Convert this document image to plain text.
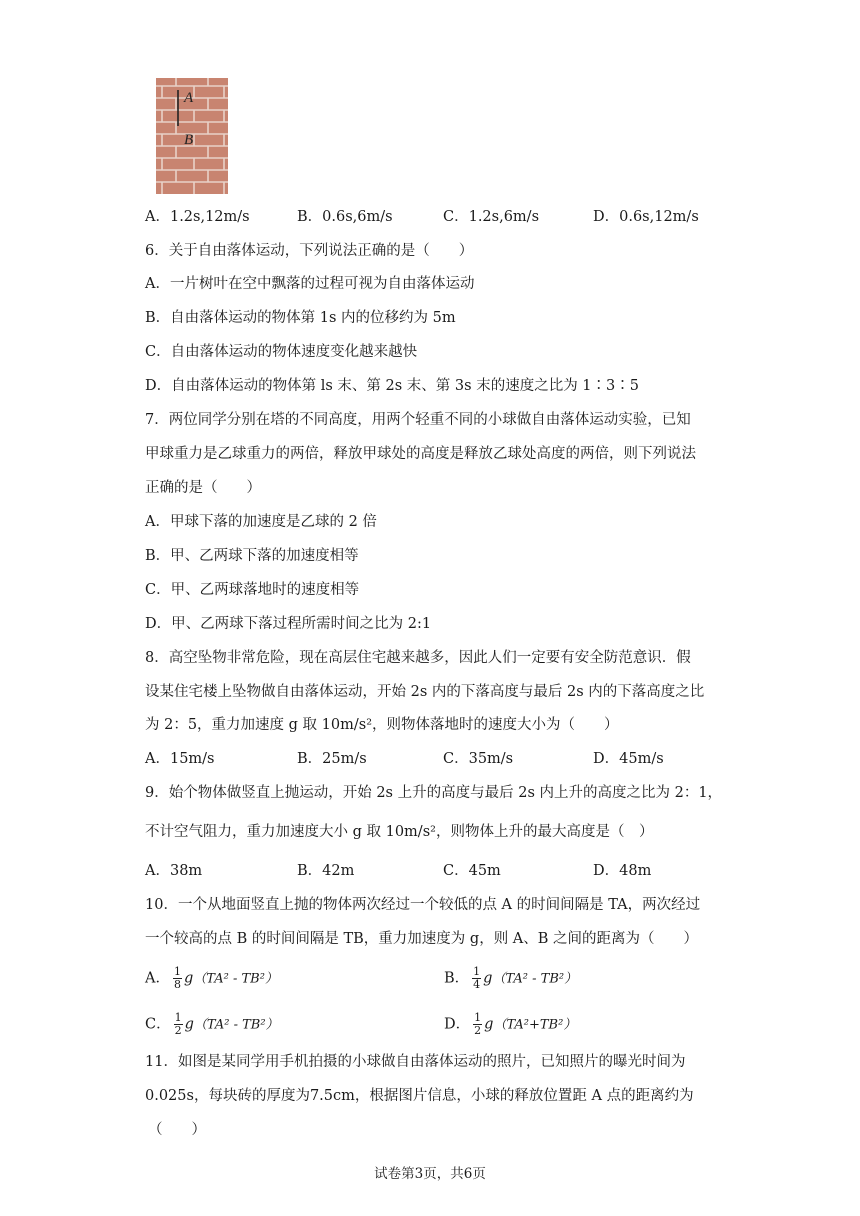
A
B
A．1.2s,12m/s	B．0.6s,6m/s	C．1.2s,6m/s	D．0.6s,12m/s
6．关于自由落体运动，下列说法正确的是（　　）
A．一片树叶在空中飘落的过程可视为自由落体运动
B．自由落体运动的物体第 1s 内的位移约为 5m
C．自由落体运动的物体速度变化越来越快
D．自由落体运动的物体第 ls 末、第 2s 末、第 3s 末的速度之比为 1∶3∶5
7．两位同学分别在塔的不同高度，用两个轻重不同的小球做自由落体运动实验，已知
甲球重力是乙球重力的两倍，释放甲球处的高度是释放乙球处高度的两倍，则下列说法
正确的是（　　）
A．甲球下落的加速度是乙球的 2 倍
B．甲、乙两球下落的加速度相等
C．甲、乙两球落地时的速度相等
D．甲、乙两球下落过程所需时间之比为 2:1
8．高空坠物非常危险，现在高层住宅越来越多，因此人们一定要有安全防范意识．假
设某住宅楼上坠物做自由落体运动，开始 2s 内的下落高度与最后 2s 内的下落高度之比
为 2：5，重力加速度 g 取 10m/s²，则物体落地时的速度大小为（　　）
A．15m/s	B．25m/s	C．35m/s	D．45m/s
9．始个物体做竖直上抛运动，开始 2s 上升的高度与最后 2s 内上升的高度之比为 2：1，
不计空气阻力，重力加速度大小 g 取 10m/s²，则物体上升的最大高度是（　）
A．38m	B．42m	C．45m	D．48m
10．一个从地面竖直上抛的物体两次经过一个较低的点 A 的时间间隔是 TA，两次经过
一个较高的点 B 的时间间隔是 TB，重力加速度为 g，则 A、B 之间的距离为（　　）
A． $\frac{1}{8} g(TA^2 - TB^2)$	B． $\frac{1}{4} g(TA^2 - TB^2)$
C． $\frac{1}{2} g(TA^2 - TB^2)$	D． $\frac{1}{2} g(TA^2+TB^2)$
11．如图是某同学用手机拍摄的小球做自由落体运动的照片，已知照片的曝光时间为
0.025s，每块砖的厚度为7.5cm，根据图片信息，小球的释放位置距 A 点的距离约为
（　　）
试卷第3页，共6页
